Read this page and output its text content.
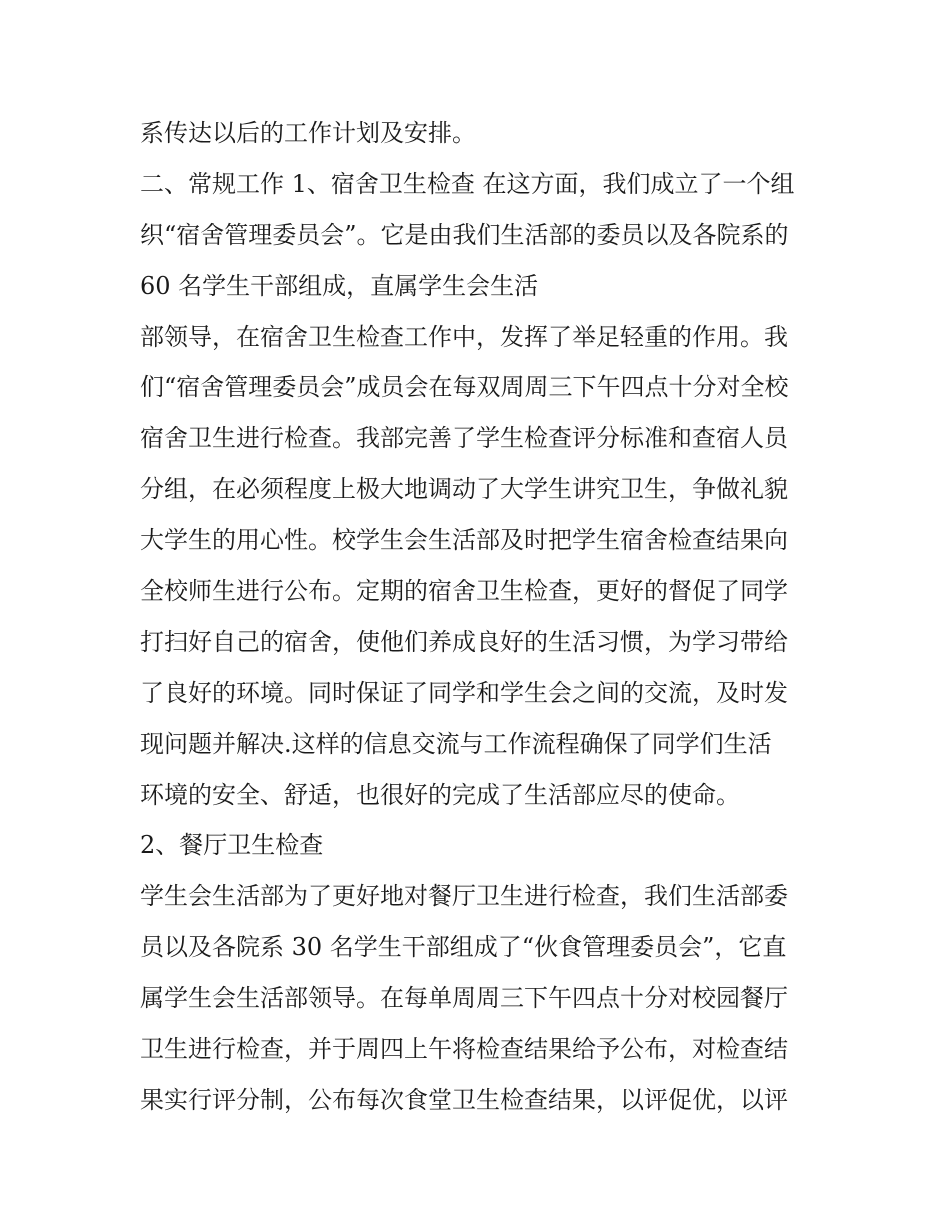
系传达以后的工作计划及安排。
二、常规工作 1、宿舍卫生检查 在这方面，我们成立了一个组
织“宿舍管理委员会”。它是由我们生活部的委员以及各院系的
60 名学生干部组成，直属学生会生活
部领导，在宿舍卫生检查工作中，发挥了举足轻重的作用。我
们“宿舍管理委员会”成员会在每双周周三下午四点十分对全校
宿舍卫生进行检查。我部完善了学生检查评分标准和查宿人员
分组，在必须程度上极大地调动了大学生讲究卫生，争做礼貌
大学生的用心性。校学生会生活部及时把学生宿舍检查结果向
全校师生进行公布。定期的宿舍卫生检查，更好的督促了同学
打扫好自己的宿舍，使他们养成良好的生活习惯，为学习带给
了良好的环境。同时保证了同学和学生会之间的交流，及时发
现问题并解决.这样的信息交流与工作流程确保了同学们生活
环境的安全、舒适，也很好的完成了生活部应尽的使命。
2、餐厅卫生检查
学生会生活部为了更好地对餐厅卫生进行检查，我们生活部委
员以及各院系 30 名学生干部组成了“伙食管理委员会”，它直
属学生会生活部领导。在每单周周三下午四点十分对校园餐厅
卫生进行检查，并于周四上午将检查结果给予公布，对检查结
果实行评分制，公布每次食堂卫生检查结果，以评促优，以评
